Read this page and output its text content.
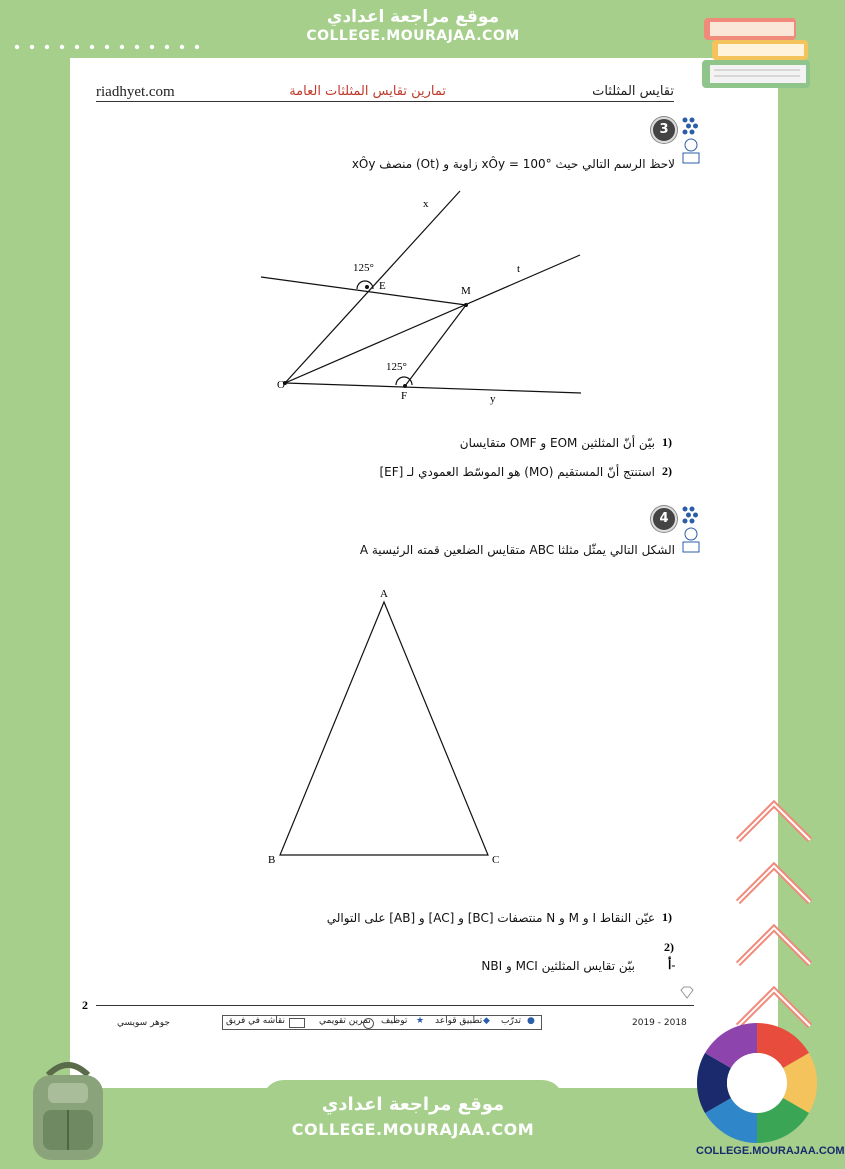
موقع مراجعة اعدادي
COLLEGE.MOURAJAA.COM
riadhyet.com	تمارين تقايس المثلثات العامة	تقايس المثلثات
3
لاحظ الرسم التالي حيث xÔy = 100° زاوية و (Ot) منصف xÔy
x
t
E	M
O
F	y
125°
125°
1)
بيّن أنّ المثلثين EOM و OMF متقايسان
2)
استنتج أنّ المستقيم (MO) هو الموسّط العمودي لـ [EF]
4
الشكل التالي يمثّل مثلثا ABC متقايس الضلعين قمته الرئيسية A
A
B	C
1)
عيّن النقاط I و M و N منتصفات [BC] و [AC] و [AB] على التوالي
2)
أ-
بيّن تقايس المثلثين MCI و NBI
2
جوهر سويسي	نقاشه في فريق	تمرين تقويمي توظيف ★ تطبيق قواعد ◆ تدرّب ●	2019 - 2018
موقع مراجعة اعدادي
COLLEGE.MOURAJAA.COM
COLLEGE.MOURAJAA.COM
